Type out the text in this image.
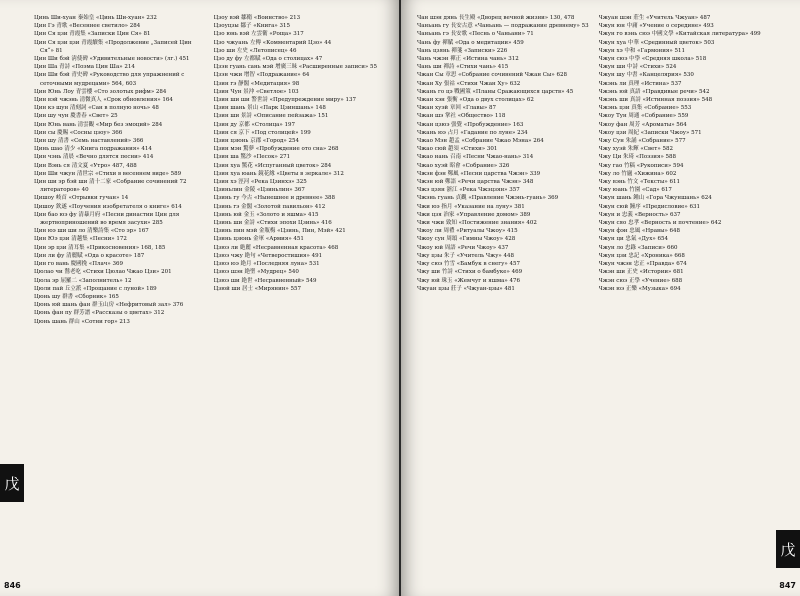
Цинь Ши-хуан 秦始皇 «Цинь Ши-хуан» 232

Цин Гэ 青歌 «Весеннее светило» 284

Цин Ся цзи 青霞集 «Записки Цин Ся» 81

Цин Ся цзи цзи 青霞續集 «Продолжение „Записей Цин Ся“» 81

Цин Ши бэй 淸使碑 «Удивительные новости» (лг.) 451

Цин Ша 青詩 «Поэма Цин Ша» 214

Цин Ши бэй 青史碑 «Руководство для упражнений с сеточными мудрецами» 564, 603

Цин Юнь Лоу 青雲樓 «Сто золотых рифм» 284

Цин вэй чжэнь 清微真人 «Срок обновления» 164

Цин кэ шун 清刻詞 «Сан в полную ночь» 48

Цин шу чун 慶書春 «Свет» 25

Цин Юнь вань 清雲觀 «Мир без эмоций» 284

Цин сы 慶賜 «Сосны цзоу» 366

Цин шу 清書 «Семь наставлений» 366

Цинь шао 清少 «Книга подражания» 414

Цин чэнь 清晨 «Вечно длятся песни» 414

Цин Вэнь ся 清文夏 «Утро» 487, 488

Цин Ши чжун 清世宗 «Стихи в весеннем виде» 589

Цин ши эр бэй ши 清十二家 «Собрание сочинений 72 литераторов» 40

Цишоу 岐首 «Отрывки гучан» 14

Цишоу 欽遂 «Поучения изобретателя о книге» 614

Цин бао юэ фу 清暴月府 «Песни династии Цин для жертвоприношений во время засухи» 285

Цин юэ ши ши ло 清樂詩集 «Сто эр» 167

Цин Юэ цзи 清越集 «Песни» 172

Цин эр цзи 清耳集 «Прикосновения» 168, 185

Цин ли фу 清麗賦 «Ода о красоте» 187

Цин го вань 慶國挽 «Плач» 369

Цюлао чи 鶖老吃 «Стихи Цюлао Чжао Цзи» 201

Цюла эр 屈羅二 «Заполнитель» 12

Цюли пай 丘立派 «Прощание с луной» 189

Цюнь шу 群書 «Сборник» 165

Цюнь юй шань фан 群玉山房 «Нефритовый зал» 376

Цюнь фан пу 群芳譜 «Рассказы о цветах» 312

Цюнь шань 群山 «Сотни гор» 213

Цзоу вэй 鄒衛 «Воинство» 213

Цзоуцзы 鄒子 «Книга» 315

Цзо юнь вэй 左雲衛 «Роща» 317

Цзо чжуань 左傳 «Комментарий Цзо» 44

Цзо ши 左史 «Летописец» 46

Цзо ду фу 左都賦 «Ода о столицах» 47

Цзэн гуань сань мэй 增廣三昧 «Расширенные записи» 55

Цзэн чжи 增智 «Подражание» 64

Цзин гэ 靜閣 «Медитация» 98

Цзин Чун 景沖 «Светлое» 103

Цзин ши ши 警世詩 «Предупреждение миру» 137

Цзин шань 景山 «Парк Цзиншань» 148

Цзин ши 景詩 «Описание пейзажа» 151

Цзин ду 京都 «Столица» 197

Цзин ся 京下 «Под столицей» 199

Цзин цзюнь 京郡 «Город» 254

Цзин мэн 驚夢 «Пробуждение ото сна» 268

Цзин ша 驚沙 «Песок» 271

Цзин хуа 驚花 «Испуганный цветок» 284

Цзин хуа юань 鏡花緣 «Цветы в зеркале» 312

Цзин хэ 涇河 «Река Цзинхэ» 325

Цзиньлин 金陵 «Цзиньлин» 367

Цзинь гу 今古 «Нынешнее и древнее» 388

Цзинь гэ 金閣 «Золотой павильон» 412

Цзинь юй 金玉 «Золото и яшма» 415

Цзинь ши 金詩 «Стихи эпохи Цзинь» 416

Цзинь пин мэй 金瓶梅 «Цзинь, Пин, Мэй» 421

Цзинь цзюнь 金軍 «Армия» 451

Цзюэ ли 絶麗 «Несравненная красота» 468

Цзюэ чжу 絶句 «Четверостишия» 491

Цзюэ юэ 絶月 «Последняя луна» 531

Цзюэ шэн 絶聖 «Мудрец» 540

Цзюэ ши 絶世 «Несравненный» 549

Цзюй ши 居士 «Мирянин» 557

戊
846

Чан шэн дянь 長生殿 «Дворец вечной жизни» 130, 478

Чаньань гу 長安古意 «Чаньань — подражание древнему» 53

Чаньань гэ 長安歌 «Песнь о Чаньани» 71

Чань фу 禪賦 «Ода о медитации» 459

Чань цзянь 禪箋 «Записки» 226

Чань чжэн 禪正 «Истина чань» 312

Чань ши 禪詩 «Стихи чань» 415

Чжан Сы 章思 «Собрание сочинений Чжан Сы» 628

Чжан Ху 張祜 «Стихи Чжан Ху» 632

Чжань го цэ 戰國策 «Планы Сражающихся царств» 45

Чжан хэн 張衡 «Ода о двух столицах» 62

Чжан хуэй 章回 «Главы» 87

Чжан шэ 掌社 «Общество» 118

Чжан цзюэ 張覺 «Пробуждение» 163

Чжань юэ 占月 «Гадание по луне» 234

Чжао Мэн 趙孟 «Собрание Чжао Мэна» 264

Чжао сюй 趙須 «Стихи» 301

Чжао нань 召南 «Песни Чжао-нань» 314

Чжао хуэй 昭會 «Собрание» 326

Чжэн фэн 鄭風 «Песни царства Чжэн» 339

Чжэн юй 鄭語 «Речи царства Чжэн» 348

Чжэ цзян 浙江 «Река Чжэцзян» 357

Чжэнь гуань 貞觀 «Правление Чжэнь-гуань» 369

Чжи юэ 指月 «Указание на луну» 381

Чжи цзя 治家 «Управление домом» 389

Чжи чжи 致知 «Постижение знания» 402

Чжоу ли 周禮 «Ритуалы Чжоу» 415

Чжоу сун 周頌 «Гимны Чжоу» 428

Чжоу юй 周語 «Речи Чжоу» 437

Чжу цзы 朱子 «Учитель Чжу» 448

Чжу сюэ 竹雪 «Бамбук в снегу» 457

Чжу ши 竹詩 «Стихи о бамбуке» 469

Чжу юй 珠玉 «Жемчуг и яшма» 476

Чжуан цзы 莊子 «Чжуан-цзы» 481

Чжуан шэн 莊生 «Учитель Чжуан» 487

Чжун юн 中庸 «Учение о середине» 493

Чжун го вэнь сюэ 中國文學 «Китайская литература» 499

Чжун хуа 中華 «Срединный цветок» 503

Чжун хэ 中和 «Гармония» 511

Чжун сюэ 中學 «Средняя школа» 518

Чжун ши 中詩 «Стихи» 524

Чжун шу 中書 «Канцелярия» 530

Чжэнь ли 真理 «Истина» 537

Чжэнь юй 真語 «Правдивые речи» 542

Чжэнь ши 真詩 «Истинная поэзия» 548

Чжэнь цзи 真集 «Собрание» 553

Чжоу Тун 周通 «Собрание» 559

Чжоу фан 周芳 «Ароматы» 564

Чжоу цзи 周紀 «Записки Чжоу» 571

Чжу Сун 朱誦 «Собрание» 577

Чжу хуэй 朱輝 «Свет» 582

Чжу Ци 朱琦 «Поэзия» 588

Чжу гао 竹稿 «Рукописи» 594

Чжу ло 竹廬 «Хижина» 602

Чжу вэнь 竹文 «Тексты» 611

Чжу юань 竹園 «Сад» 617

Чжун шань 鍾山 «Гора Чжуншань» 624

Чжун сюй 鐘序 «Предисловие» 631

Чжун и 忠義 «Верность» 637

Чжун сяо 忠孝 «Верность и почтение» 642

Чжун фэн 忠風 «Нравы» 648

Чжун ци 忠氣 «Дух» 654

Чжун ло 忠錄 «Записи» 660

Чжун цзи 忠記 «Хроника» 668

Чжун чжэн 忠正 «Правда» 674

Чжэн ши 正史 «Истории» 681

Чжэн сюэ 正學 «Учение» 688

Чжэн юэ 正樂 «Музыка» 694

戊
847
